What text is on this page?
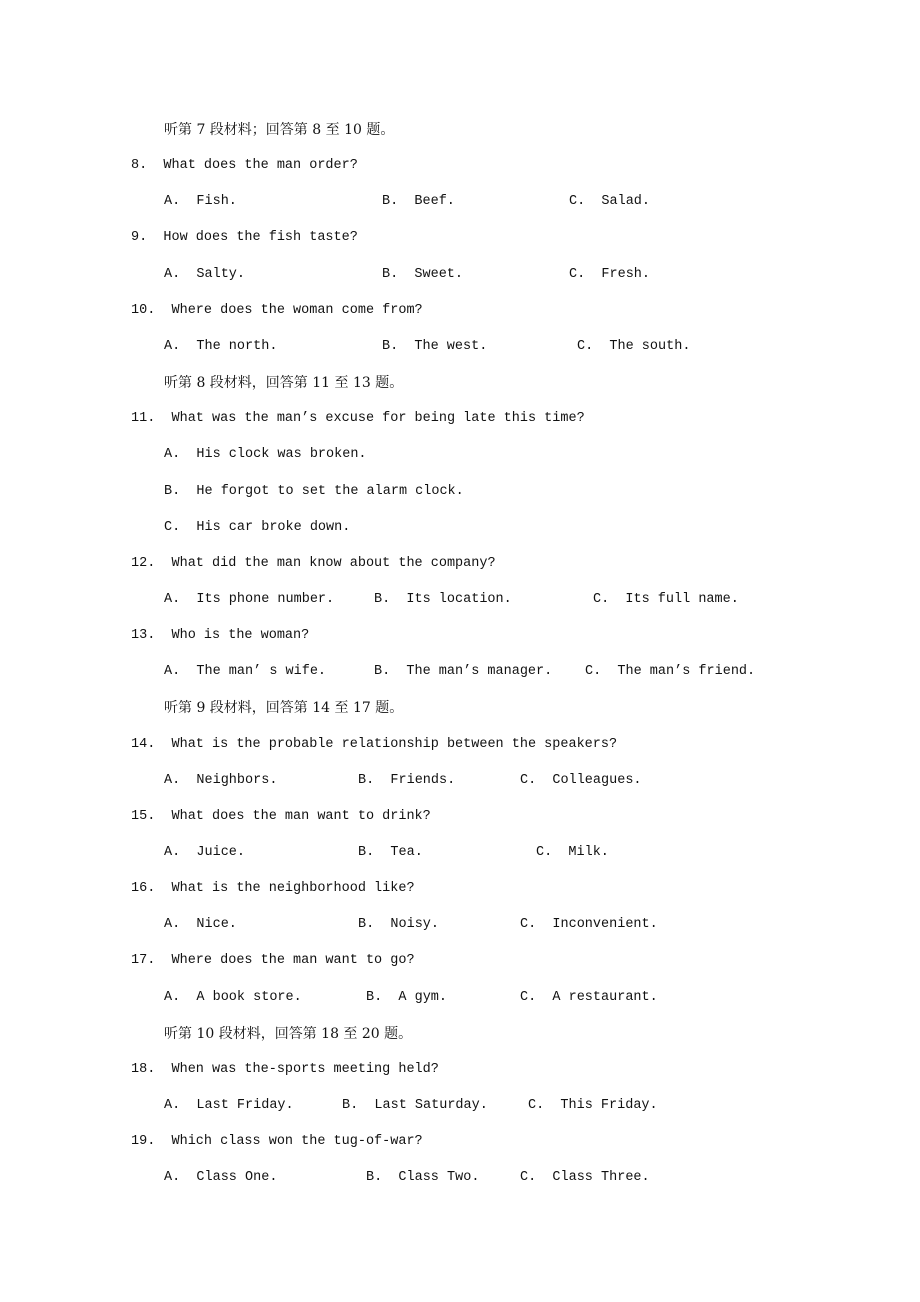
听第 7 段材料；回答第 8 至 10 题。
8.  What does the man order?
A.  Fish.	B.  Beef.	C.  Salad.
9.  How does the fish taste?
A.  Salty.	B.  Sweet.	C.  Fresh.
10.  Where does the woman come from?
A.  The north.	B.  The west.	C.  The south.
听第 8 段材料，回答第 11 至 13 题。
11.  What was the man’s excuse for being late this time?
A.  His clock was broken.
B.  He forgot to set the alarm clock.
C.  His car broke down.
12.  What did the man know about the company?
A.  Its phone number.	B.  Its location.	C.  Its full name.
13.  Who is the woman?
A.  The man’ s wife.	B.  The man’s manager. C.  The man’s friend.
听第 9 段材料，回答第 14 至 17 题。
14.  What is the probable relationship between the speakers?
A.  Neighbors.	B.  Friends.	C.  Colleagues.
15.  What does the man want to drink?
A.  Juice.	B.  Tea.	C.  Milk.
16.  What is the neighborhood like?
A.  Nice.	B.  Noisy.	C.  Inconvenient.
17.  Where does the man want to go?
A.  A book store.	B.  A gym.	C.  A restaurant.
听第 10 段材料，回答第 18 至 20 题。
18.  When was the-sports meeting held?
A.  Last Friday.	B.  Last Saturday.	C.  This Friday.
19.  Which class won the tug-of-war?
A.  Class One.	B.  Class Two.	C.  Class Three.
